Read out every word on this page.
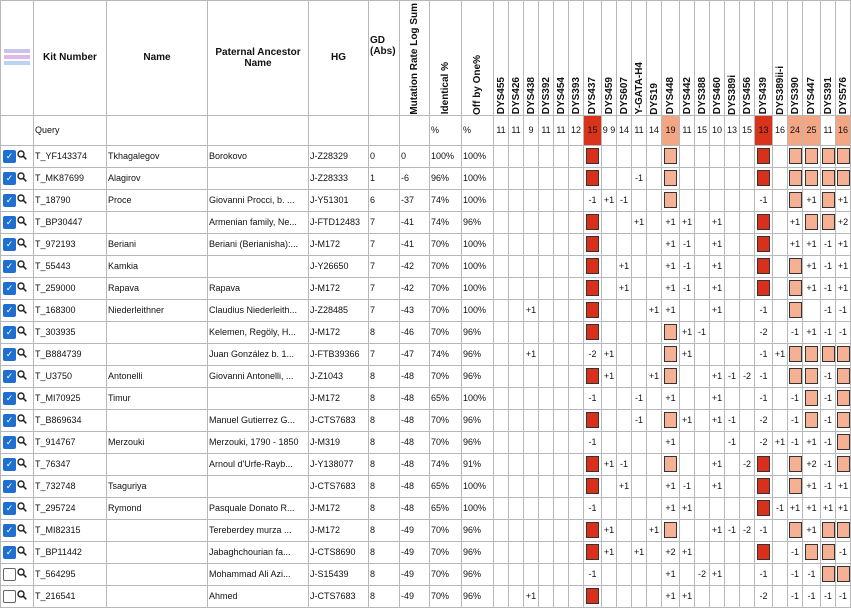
	Kit Number	Name	Paternal Ancestor Name	HG	GD (Abs)	Mutation Rate Log Sum	Identical %	Off by One%	DYS455	DYS426	DYS438	DYS392	DYS454	DYS393	DYS437	DYS459	DYS607	Y-GATA-H4	DYS19	DYS448	DYS442	DYS388	DYS460	DYS389i	DYS456	DYS439	DYS389ii-i	DYS390	DYS447	DYS391	DYS576

	Query						%	%	11	11	9	11	11	12	15	9 9	14	11	14	19	11	15	10	13	15	13	16	24	25	11	16
✓	T_YF143374	Tkhagalegov	Borokovo	J-Z28329	0	0	100%	100%							

✓	T_MK87699	Alagirov		J-Z28333	1	-6	96%	100%										-1		

✓	T_18790	Proce	Giovanni Procci, b. ...	J-Y51301	6	-37	74%	100%							-1	+1	-1									-1			+1		+1
✓	T_BP30447		Armenian family, Ne...	J-FTD12483	7	-41	74%	96%										+1		+1	+1		+1					+1			+2
✓	T_972193	Beriani	Beriani (Berianisha):...	J-M172	7	-41	70%	100%												+1	-1		+1					+1	+1	-1	+1
✓	T_55443	Kamkia		J-Y26650	7	-42	70%	100%									+1			+1	-1		+1						+1	-1	+1
✓	T_259000	Rapava	Rapava	J-M172	7	-42	70%	100%									+1			+1	-1		+1						+1	-1	+1
✓	T_168300	Niederleithner	Claudius Niederleith...	J-Z28485	7	-43	70%	100%			+1								+1	+1			+1			-1				-1	-1
✓	T_303935		Kelemen, Regöly, H...	J-M172	8	-46	70%	96%													+1	-1				-2		-1	+1	-1	-1
✓	T_B884739		Juan González b. 1...	J-FTB39366	7	-47	74%	96%			+1				-2	+1					+1					-1	+1	

✓	T_U3750	Antonelli	Giovanni Antonelli, ...	J-Z1043	8	-48	70%	96%								+1			+1				+1	-1	-2	-1				-1	

✓	T_MI70925	Timur		J-M172	8	-48	65%	100%							-1			-1		+1			+1			-1		-1		-1	

✓	T_B869634		Manuel Gutierrez G...	J-CTS7683	8	-48	70%	96%										-1			+1		+1	-1		-2		-1		-1	

✓	T_914767	Merzouki	Merzouki, 1790 - 1850	J-M319	8	-48	70%	96%							-1					+1				-1		-2	+1	-1	+1	-1	

✓	T_76347		Arnoul d'Urfe-Rayb...	J-Y138077	8	-48	74%	91%								+1	-1						+1		-2				+2	-1	

✓	T_732748	Tsaguriya		J-CTS7683	8	-48	65%	100%									+1			+1	-1		+1						+1	-1	+1
✓	T_295724	Rymond	Pasquale Donato R...	J-M172	8	-48	65%	100%							-1					+1	+1						-1	+1	+1	+1	+1
✓	T_MI82315		Tereberdey murza ...	J-M172	8	-49	70%	96%								+1			+1				+1	-1	-2	-1			+1	

✓	T_BP11442		Jabaghchourian fa...	J-CTS8690	8	-49	70%	96%								+1		+1		+2	+1							-1			-1
	T_564295		Mohammad Ali Azi...	J-S15439	8	-49	70%	96%							-1					+1		-2	+1			-1		-1	-1	

	T_216541		Ahmed	J-CTS7683	8	-49	70%	96%			+1									+1	+1					-2		-1	-1	-1	-1
